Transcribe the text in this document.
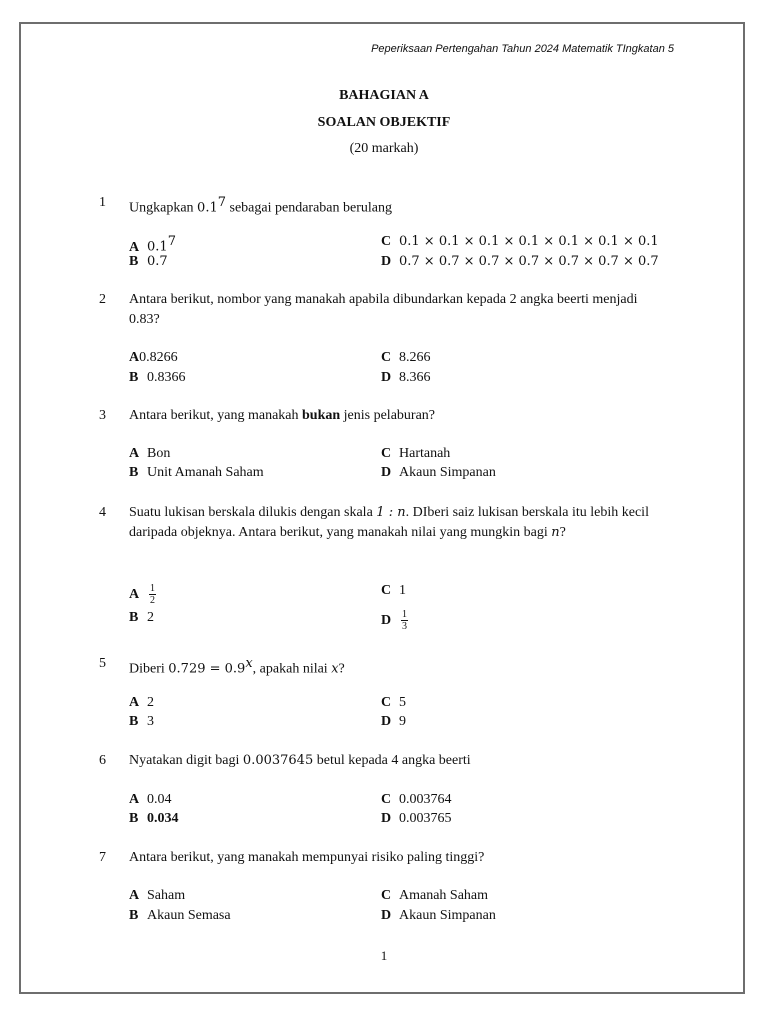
Peperiksaan Pertengahan Tahun 2024 Matematik TIngkatan 5
BAHAGIAN A
SOALAN OBJEKTIF
(20 markah)
1 Ungkapkan $0.1^7$ sebagai pendaraban berulang
A $0.1^7$
B 0.7
C 0.1 × 0.1 × 0.1 × 0.1 × 0.1 × 0.1 × 0.1
D 0.7 × 0.7 × 0.7 × 0.7 × 0.7 × 0.7 × 0.7
2 Antara berikut, nombor yang manakah apabila dibundarkan kepada 2 angka beerti menjadi 0.83?
A0.8266
B 0.8366
C 8.266
D 8.366
3 Antara berikut, yang manakah bukan jenis pelaburan?
A Bon
B Unit Amanah Saham
C Hartanah
D Akaun Simpanan
4 Suatu lukisan berskala dilukis dengan skala 1 : n. DIberi saiz lukisan berskala itu lebih kecil daripada objeknya. Antara berikut, yang manakah nilai yang mungkin bagi n?
A $\frac{1}{2}$
B 2
C 1
D $\frac{1}{3}$
5 Diberi $0.729 = 0.9^x$, apakah nilai x?
A 2
B 3
C 5
D 9
6 Nyatakan digit bagi 0.0037645 betul kepada 4 angka beerti
A 0.04
B 0.034
C 0.003764
D 0.003765
7 Antara berikut, yang manakah mempunyai risiko paling tinggi?
A Saham
B Akaun Semasa
C Amanah Saham
D Akaun Simpanan
1
